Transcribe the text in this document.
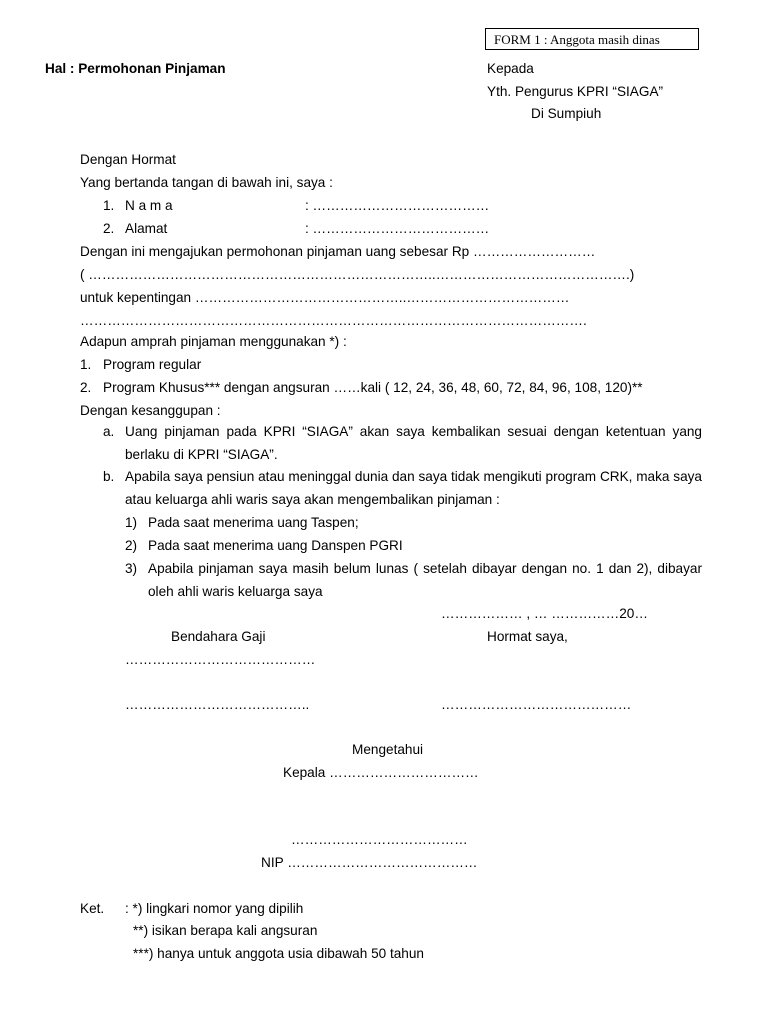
FORM 1 : Anggota masih dinas
Hal : Permohonan Pinjaman	Kepada
Yth. Pengurus KPRI “SIAGA”
Di Sumpiuh
Dengan Hormat
Yang bertanda tangan di bawah ini, saya :
1. N a m a	: …………………………………
2. Alamat	: …………………………………
Dengan ini mengajukan permohonan pinjaman uang sebesar Rp ………………………
( …………………………………………………………………..…………………………………….)
untuk kepentingan ………………………………………..………………………………
………………………………………………………………………………………………….
Adapun amprah pinjaman menggunakan *) :
1. Program regular
2. Program Khusus*** dengan angsuran ……kali ( 12, 24, 36, 48, 60, 72, 84, 96, 108, 120)**
Dengan kesanggupan :
a. Uang pinjaman pada KPRI “SIAGA” akan saya kembalikan sesuai dengan ketentuan yang berlaku di KPRI “SIAGA”.
b. Apabila saya pensiun atau meninggal dunia dan saya tidak mengikuti program CRK, maka saya atau keluarga ahli waris saya akan mengembalikan pinjaman :
1) Pada saat menerima uang Taspen;
2) Pada saat menerima uang Danspen PGRI
3) Apabila pinjaman saya masih belum lunas ( setelah dibayar dengan no. 1 dan 2), dibayar oleh ahli waris keluarga saya
……………… , … ……………20…
Bendahara Gaji	Hormat saya,
……………………………………
…………………………………..	……………………………………
Mengetahui
Kepala ……………………………
…………………………………
NIP ……………………………………
Ket. : *) lingkari nomor yang dipilih
**) isikan berapa kali angsuran
***) hanya untuk anggota usia dibawah 50 tahun
